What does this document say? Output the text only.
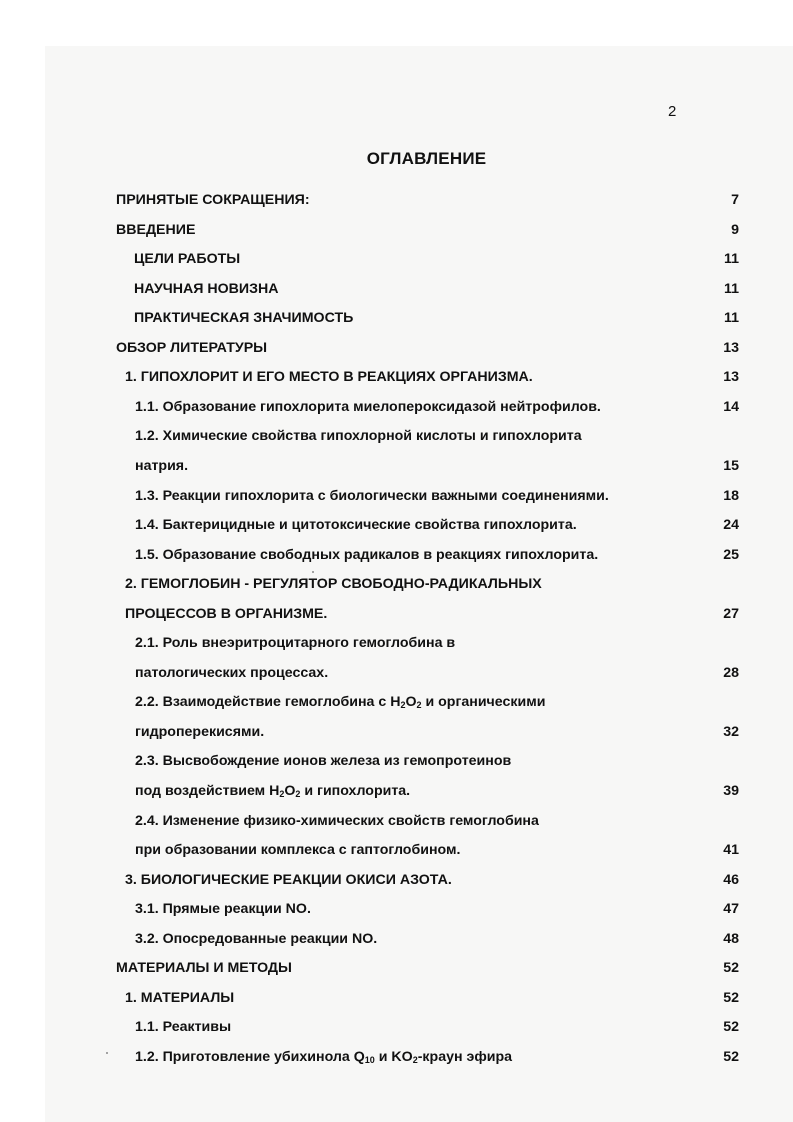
2
ОГЛАВЛЕНИЕ
ПРИНЯТЫЕ СОКРАЩЕНИЯ:	7
ВВЕДЕНИЕ	9
ЦЕЛИ РАБОТЫ	11
НАУЧНАЯ НОВИЗНА	11
ПРАКТИЧЕСКАЯ ЗНАЧИМОСТЬ	11
ОБЗОР ЛИТЕРАТУРЫ	13
1. ГИПОХЛОРИТ И ЕГО МЕСТО В РЕАКЦИЯХ ОРГАНИЗМА.	13
1.1. Образование гипохлорита миелопероксидазой нейтрофилов.	14
1.2. Химические свойства гипохлорной кислоты и гипохлорита
натрия.	15
1.3. Реакции гипохлорита с биологически важными соединениями.	18
1.4. Бактерицидные и цитотоксические свойства гипохлорита.	24
1.5. Образование свободных радикалов в реакциях гипохлорита.	25
2. ГЕМОГЛОБИН - РЕГУЛЯТОР СВОБОДНО-РАДИКАЛЬНЫХ
ПРОЦЕССОВ В ОРГАНИЗМЕ.	27
2.1. Роль внеэритроцитарного гемоглобина в
патологических процессах.	28
2.2. Взаимодействие гемоглобина с $H_2O_2$ и органическими
гидроперекисями.	32
2.3. Высвобождение ионов железа из гемопротеинов
под воздействием $H_2O_2$ и гипохлорита.	39
2.4. Изменение физико-химических свойств гемоглобина
при образовании комплекса с гаптоглобином.	41
3. БИОЛОГИЧЕСКИЕ РЕАКЦИИ ОКИСИ АЗОТА.	46
3.1. Прямые реакции NO.	47
3.2. Опосредованные реакции NO.	48
МАТЕРИАЛЫ И МЕТОДЫ	52
1. МАТЕРИАЛЫ	52
1.1. Реактивы	52
1.2. Приготовление убихинола $Q_{10}$ и $KO_2$-краун эфира	52
